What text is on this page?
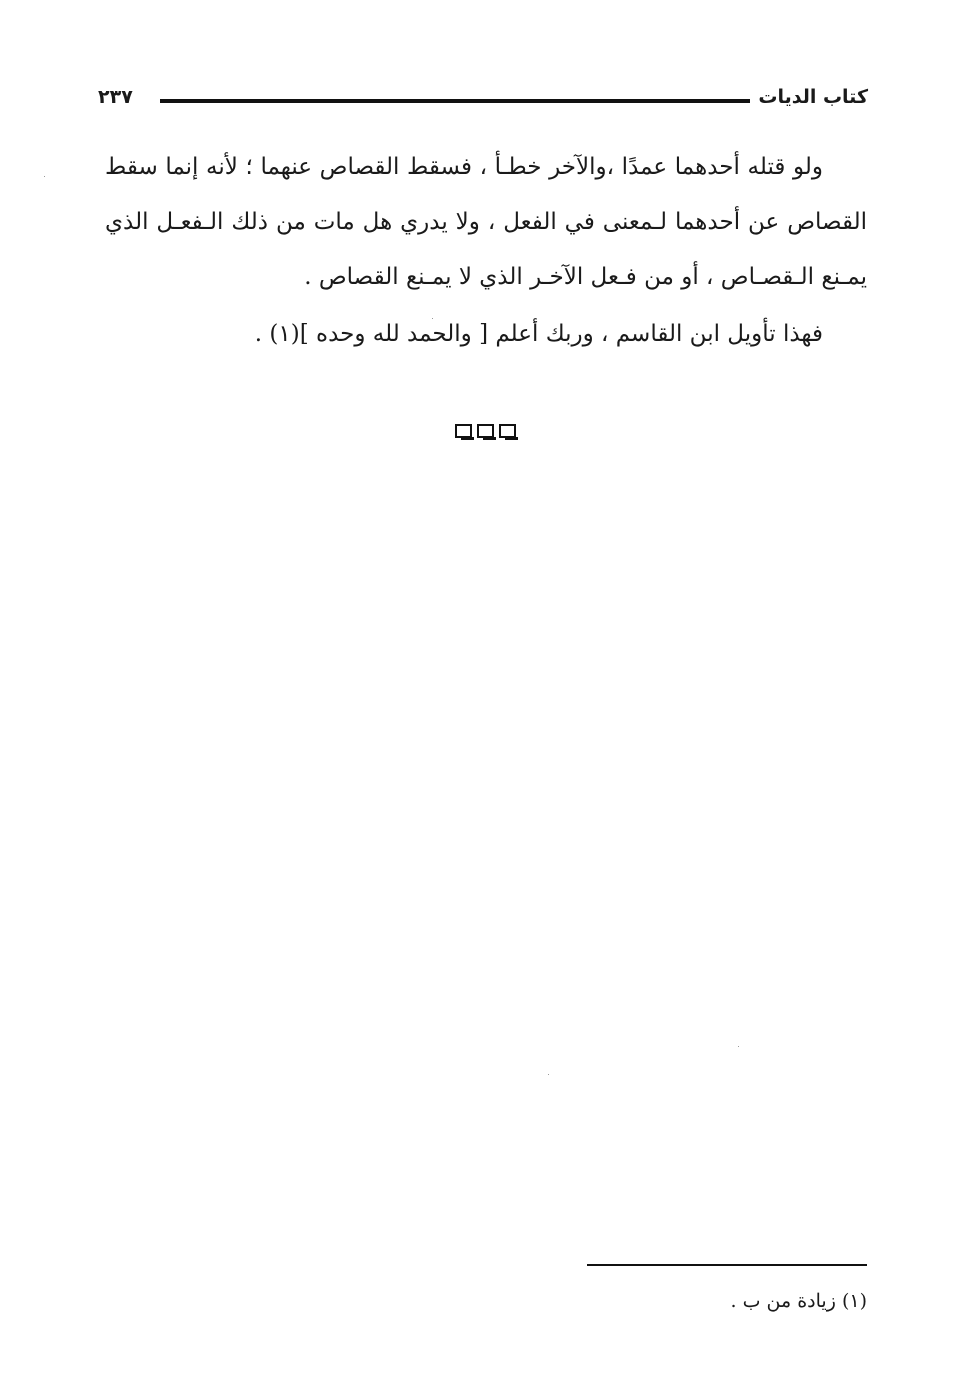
كتاب الديات
٢٣٧

ولو قتله أحدهما عمدًا ،والآخر خطـأ ، فسقط القصاص عنهما ؛ لأنه إنما سقط القصاص عن أحدهما لـمعنى في الفعل ، ولا يدري هل مات من ذلك الـفعـل الذي يمـنع الـقصـاص ، أو من فـعل الآخـر الذي لا يمـنع القصاص .

فهذا تأويل ابن القاسم ، وربك أعلم [ والحمد لله وحده ](١) .

(١) زيادة من ب .
